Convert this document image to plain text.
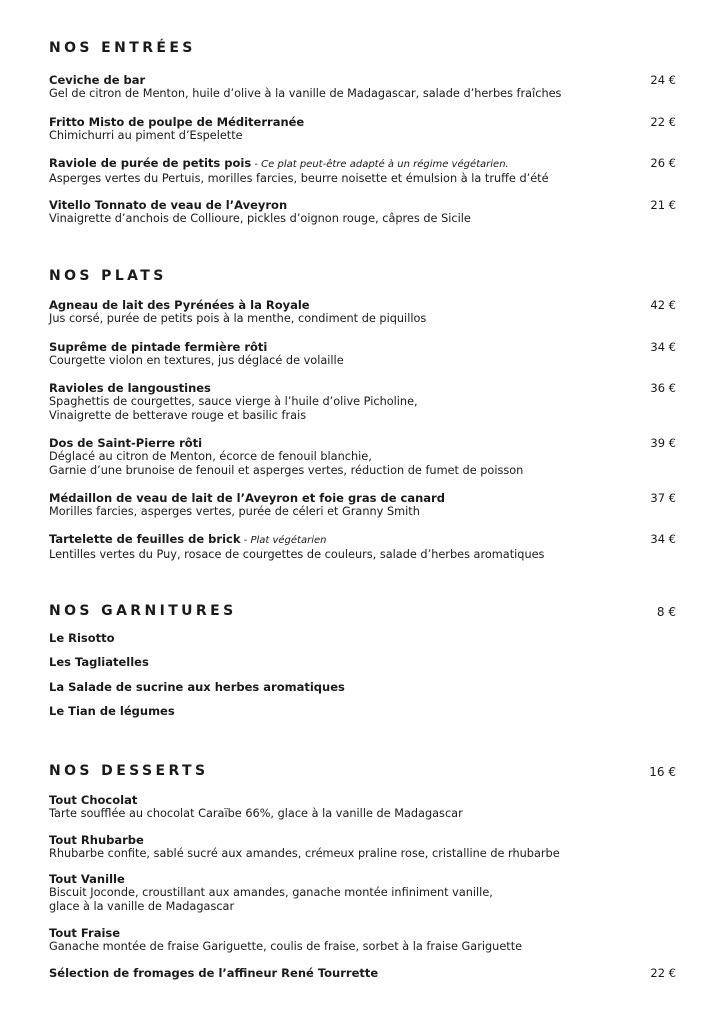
NOS ENTRÉES
Ceviche de bar
Gel de citron de Menton, huile d’olive à la vanille de Madagascar, salade d’herbes fraîches
24 €
Fritto Misto de poulpe de Méditerranée
Chimichurri au piment d’Espelette
22 €
Raviole de purée de petits pois - Ce plat peut-être adapté à un régime végétarien.
Asperges vertes du Pertuis, morilles farcies, beurre noisette et émulsion à la truffe d’été
26 €
Vitello Tonnato de veau de l’Aveyron
Vinaigrette d’anchois de Collioure, pickles d’oignon rouge, câpres de Sicile
21 €
NOS PLATS
Agneau de lait des Pyrénées à la Royale
Jus corsé, purée de petits pois à la menthe, condiment de piquillos
42 €
Suprême de pintade fermière rôti
Courgette violon en textures, jus déglacé de volaille
34 €
Ravioles de langoustines
Spaghettis de courgettes, sauce vierge à l’huile d’olive Picholine,
Vinaigrette de betterave rouge et basilic frais
36 €
Dos de Saint-Pierre rôti
Déglacé au citron de Menton, écorce de fenouil blanchie,
Garnie d’une brunoise de fenouil et asperges vertes, réduction de fumet de poisson
39 €
Médaillon de veau de lait de l’Aveyron et foie gras de canard
Morilles farcies, asperges vertes, purée de céleri et Granny Smith
37 €
Tartelette de feuilles de brick - Plat végétarien
Lentilles vertes du Puy, rosace de courgettes de couleurs, salade d’herbes aromatiques
34 €
NOS GARNITURES	8 €
Le Risotto
Les Tagliatelles
La Salade de sucrine aux herbes aromatiques
Le Tian de légumes
NOS DESSERTS	16 €
Tout Chocolat
Tarte soufflée au chocolat Caraïbe 66%, glace à la vanille de Madagascar
Tout Rhubarbe
Rhubarbe confite, sablé sucré aux amandes, crémeux praline rose, cristalline de rhubarbe
Tout Vanille
Biscuit Joconde, croustillant aux amandes, ganache montée infiniment vanille,
glace à la vanille de Madagascar
Tout Fraise
Ganache montée de fraise Gariguette, coulis de fraise, sorbet à la fraise Gariguette
Sélection de fromages de l’affineur René Tourrette	22 €
